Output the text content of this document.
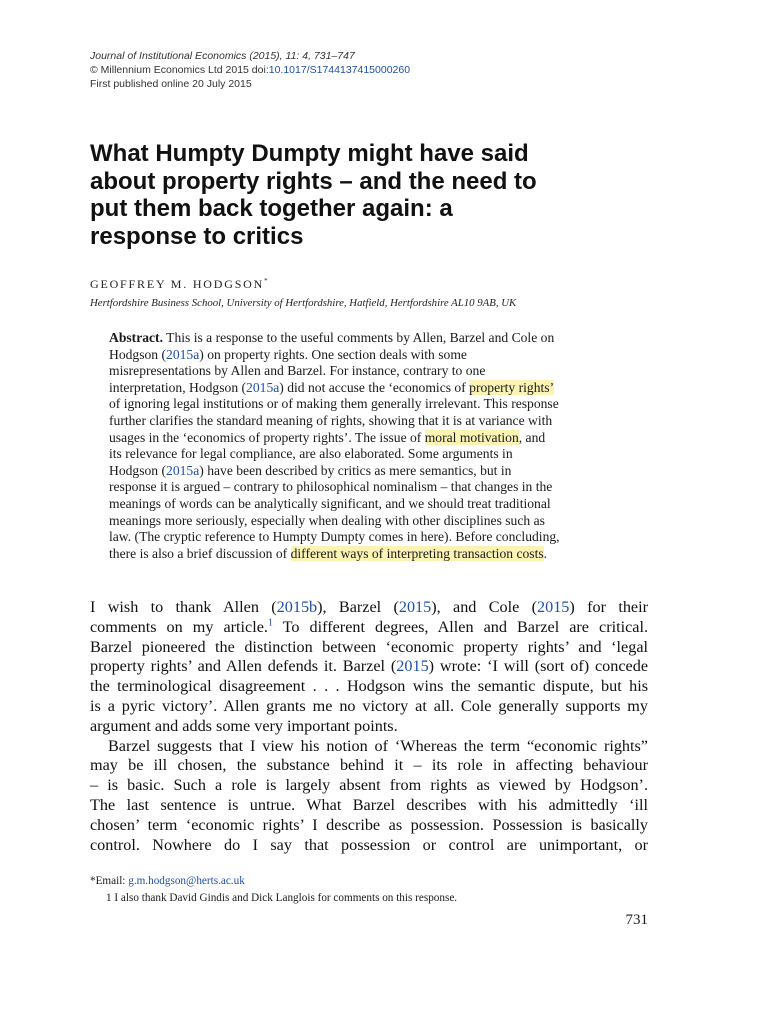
Journal of Institutional Economics (2015), 11: 4, 731–747
© Millennium Economics Ltd 2015 doi:10.1017/S1744137415000260
First published online 20 July 2015
What Humpty Dumpty might have said
about property rights – and the need to
put them back together again: a
response to critics
GEOFFREY M. HODGSON*
Hertfordshire Business School, University of Hertfordshire, Hatfield, Hertfordshire AL10 9AB, UK
Abstract. This is a response to the useful comments by Allen, Barzel and Cole on
Hodgson (2015a) on property rights. One section deals with some
misrepresentations by Allen and Barzel. For instance, contrary to one
interpretation, Hodgson (2015a) did not accuse the ‘economics of property rights’
of ignoring legal institutions or of making them generally irrelevant. This response
further clarifies the standard meaning of rights, showing that it is at variance with
usages in the ‘economics of property rights’. The issue of moral motivation, and
its relevance for legal compliance, are also elaborated. Some arguments in
Hodgson (2015a) have been described by critics as mere semantics, but in
response it is argued – contrary to philosophical nominalism – that changes in the
meanings of words can be analytically significant, and we should treat traditional
meanings more seriously, especially when dealing with other disciplines such as
law. (The cryptic reference to Humpty Dumpty comes in here). Before concluding,
there is also a brief discussion of different ways of interpreting transaction costs.
I wish to thank Allen (2015b), Barzel (2015), and Cole (2015) for their
comments on my article.$^1$ To different degrees, Allen and Barzel are critical.
Barzel pioneered the distinction between ‘economic property rights’ and ‘legal
property rights’ and Allen defends it. Barzel (2015) wrote: ‘I will (sort of) concede
the terminological disagreement . . . Hodgson wins the semantic dispute, but his
is a pyric victory’. Allen grants me no victory at all. Cole generally supports my
argument and adds some very important points.
Barzel suggests that I view his notion of ‘Whereas the term “economic rights”
may be ill chosen, the substance behind it – its role in affecting behaviour
– is basic. Such a role is largely absent from rights as viewed by Hodgson’.
The last sentence is untrue. What Barzel describes with his admittedly ‘ill
chosen’ term ‘economic rights’ I describe as possession. Possession is basically
control. Nowhere do I say that possession or control are unimportant, or
*Email: g.m.hodgson@herts.ac.uk
1 I also thank David Gindis and Dick Langlois for comments on this response.
731
